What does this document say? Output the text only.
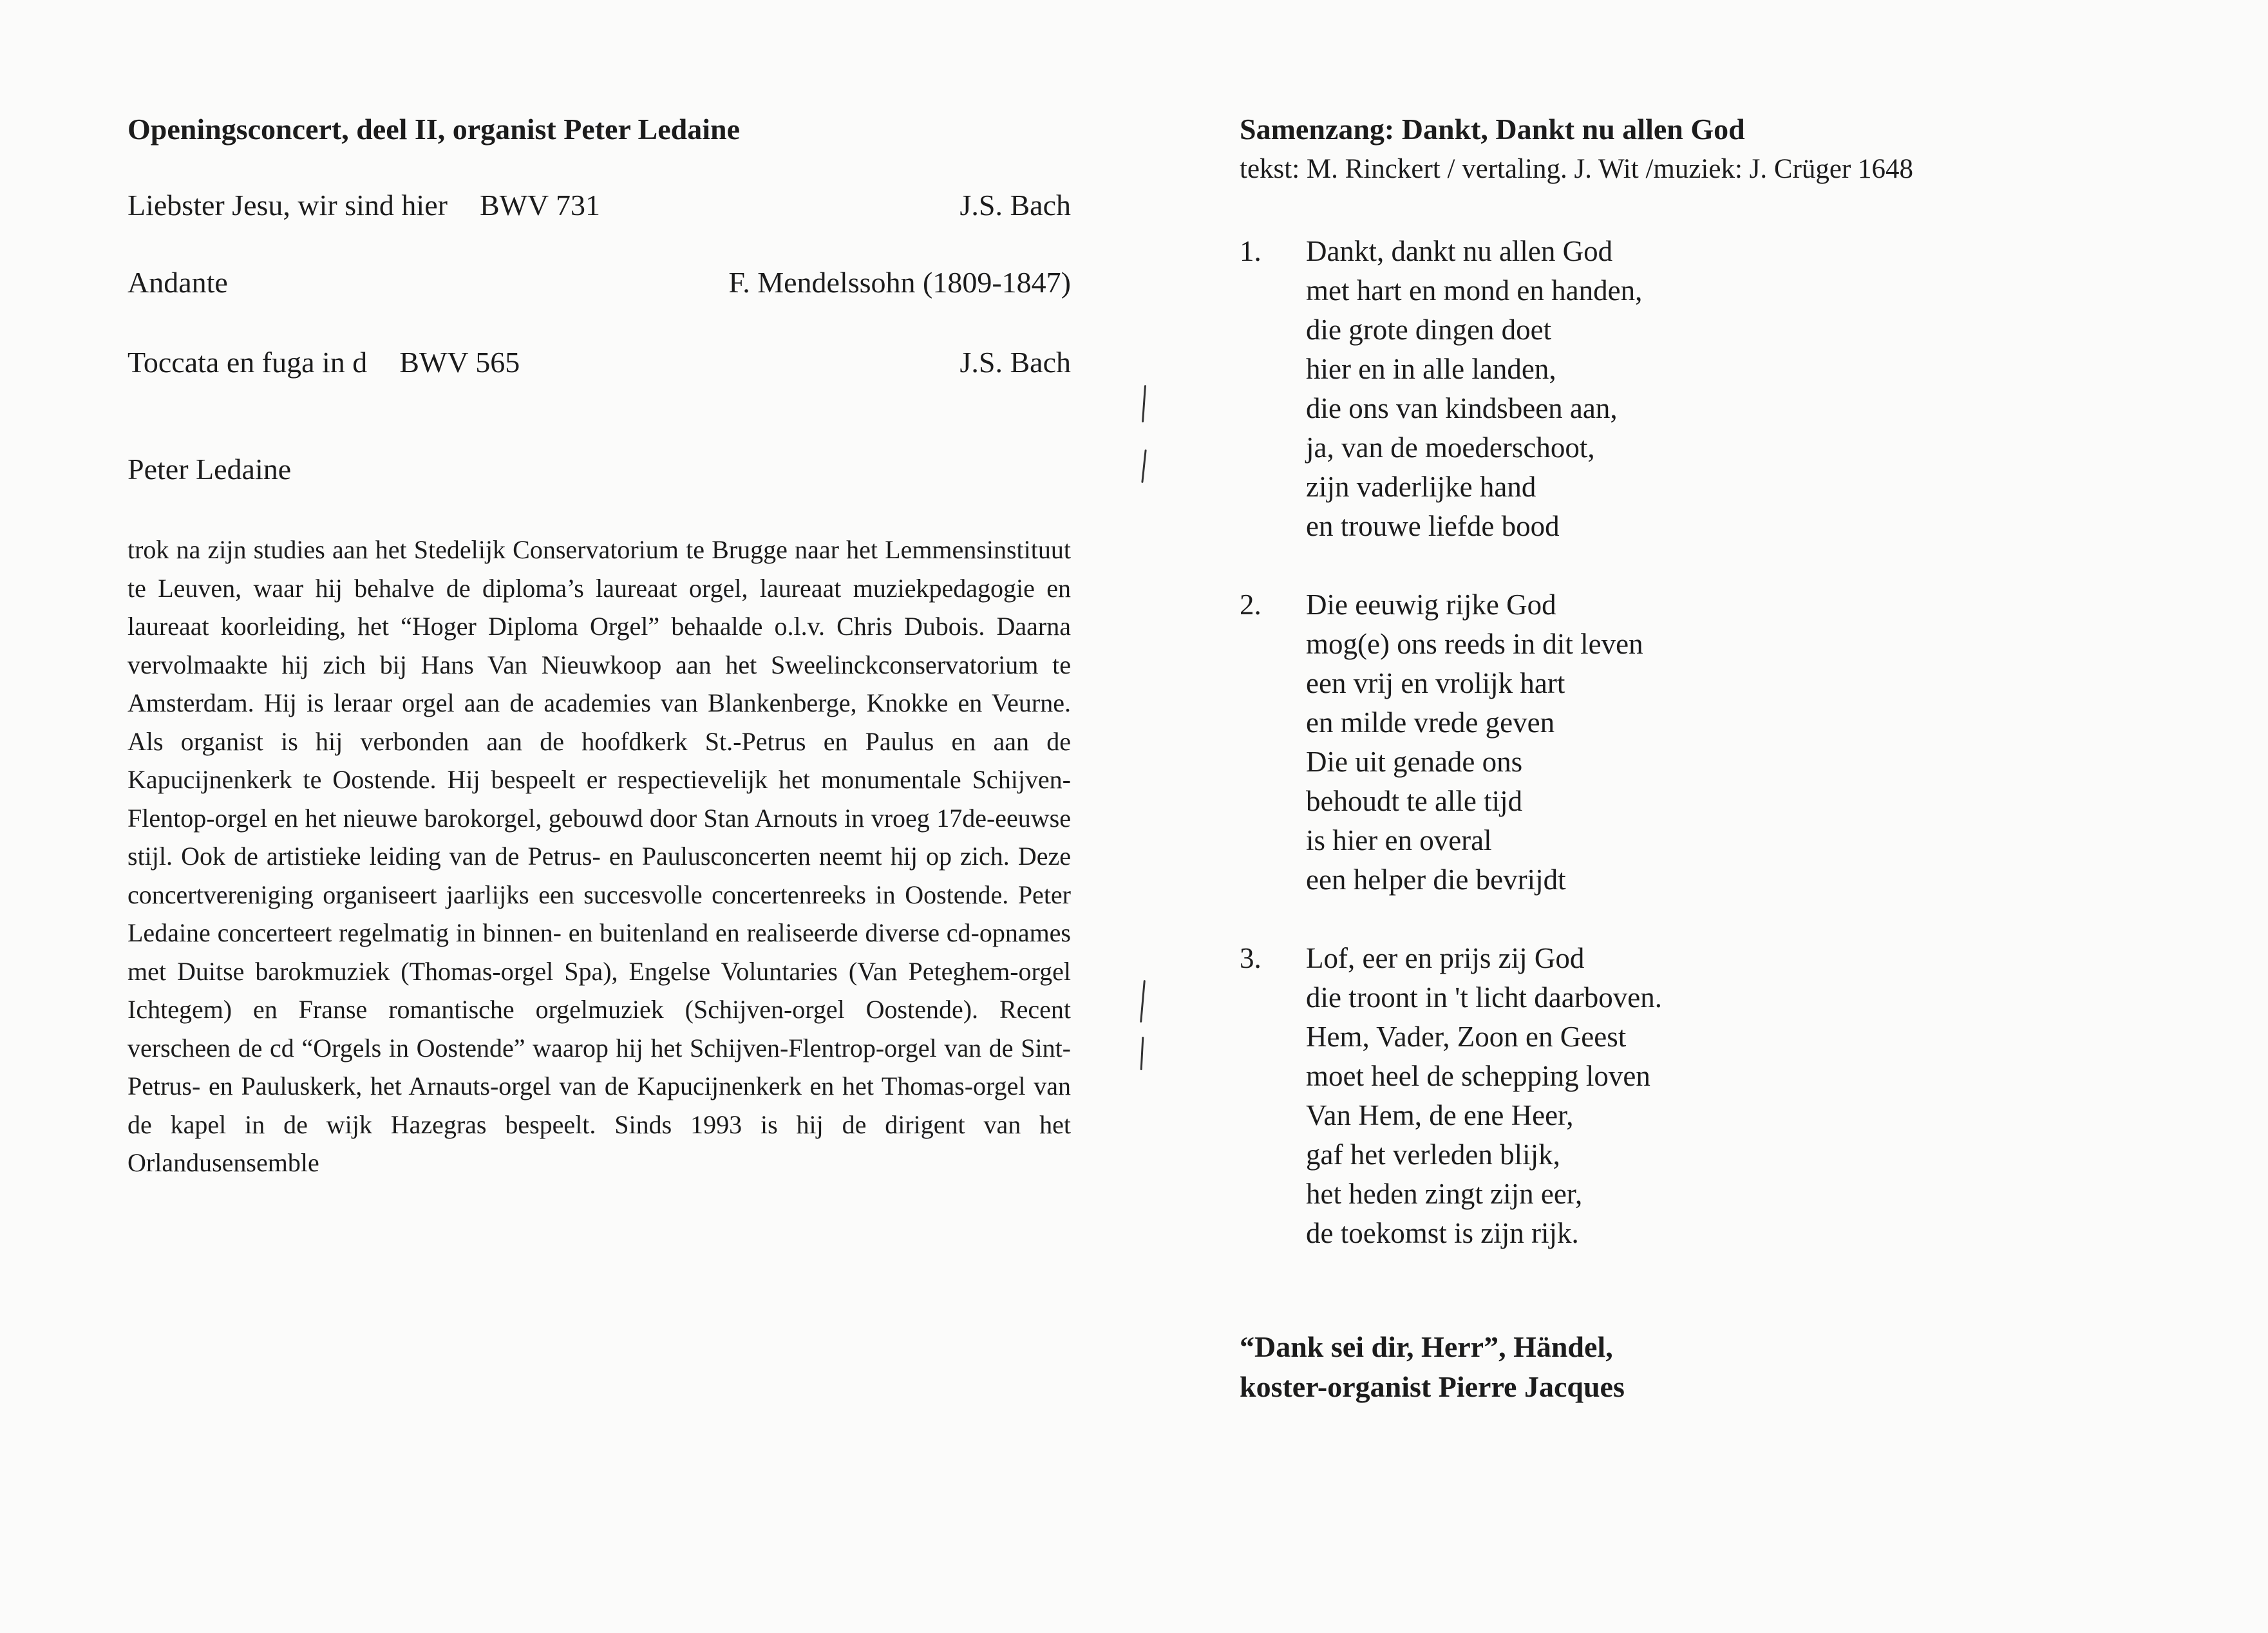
Openingsconcert, deel II, organist Peter Ledaine
Liebster Jesu, wir sind hier BWV 731	J.S. Bach
Andante	F. Mendelssohn (1809-1847)
Toccata en fuga in d BWV 565	J.S. Bach
Peter Ledaine
trok na zijn studies aan het Stedelijk Conservatorium te Brugge naar het Lemmensinstituut te Leuven, waar hij behalve de diploma’s laureaat orgel, laureaat muziekpedagogie en laureaat koorleiding, het “Hoger Diploma Orgel” behaalde o.l.v. Chris Dubois. Daarna vervolmaakte hij zich bij Hans Van Nieuwkoop aan het Sweelinckconservatorium te Amsterdam. Hij is leraar orgel aan de academies van Blankenberge, Knokke en Veurne. Als organist is hij verbonden aan de hoofdkerk St.-Petrus en Paulus en aan de Kapucijnenkerk te Oostende. Hij bespeelt er respectievelijk het monumentale Schijven-Flentop-orgel en het nieuwe barokorgel, gebouwd door Stan Arnouts in vroeg 17de-eeuwse stijl. Ook de artistieke leiding van de Petrus- en Paulusconcerten neemt hij op zich. Deze concertvereniging organiseert jaarlijks een succesvolle concertenreeks in Oostende. Peter Ledaine concerteert regelmatig in binnen- en buitenland en realiseerde diverse cd-opnames met Duitse barokmuziek (Thomas-orgel Spa), Engelse Voluntaries (Van Peteghem-orgel Ichtegem) en Franse romantische orgelmuziek (Schijven-orgel Oostende). Recent verscheen de cd “Orgels in Oostende” waarop hij het Schijven-Flentrop-orgel van de Sint-Petrus- en Pauluskerk, het Arnauts-orgel van de Kapucijnenkerk en het Thomas-orgel van de kapel in de wijk Hazegras bespeelt. Sinds 1993 is hij de dirigent van het Orlandusensemble
Samenzang: Dankt, Dankt nu allen God
tekst: M. Rinckert / vertaling. J. Wit /muziek: J. Crüger 1648
1.	Dankt, dankt nu allen God
met hart en mond en handen,
die grote dingen doet
hier en in alle landen,
die ons van kindsbeen aan,
ja, van de moederschoot,
zijn vaderlijke hand
en trouwe liefde bood
2.	Die eeuwig rijke God
mog(e) ons reeds in dit leven
een vrij en vrolijk hart
en milde vrede geven
Die uit genade ons
behoudt te alle tijd
is hier en overal
een helper die bevrijdt
3.	Lof, eer en prijs zij God
die troont in 't licht daarboven.
Hem, Vader, Zoon en Geest
moet heel de schepping loven
Van Hem, de ene Heer,
gaf het verleden blijk,
het heden zingt zijn eer,
de toekomst is zijn rijk.
“Dank sei dir, Herr”, Händel,
koster-organist Pierre Jacques
